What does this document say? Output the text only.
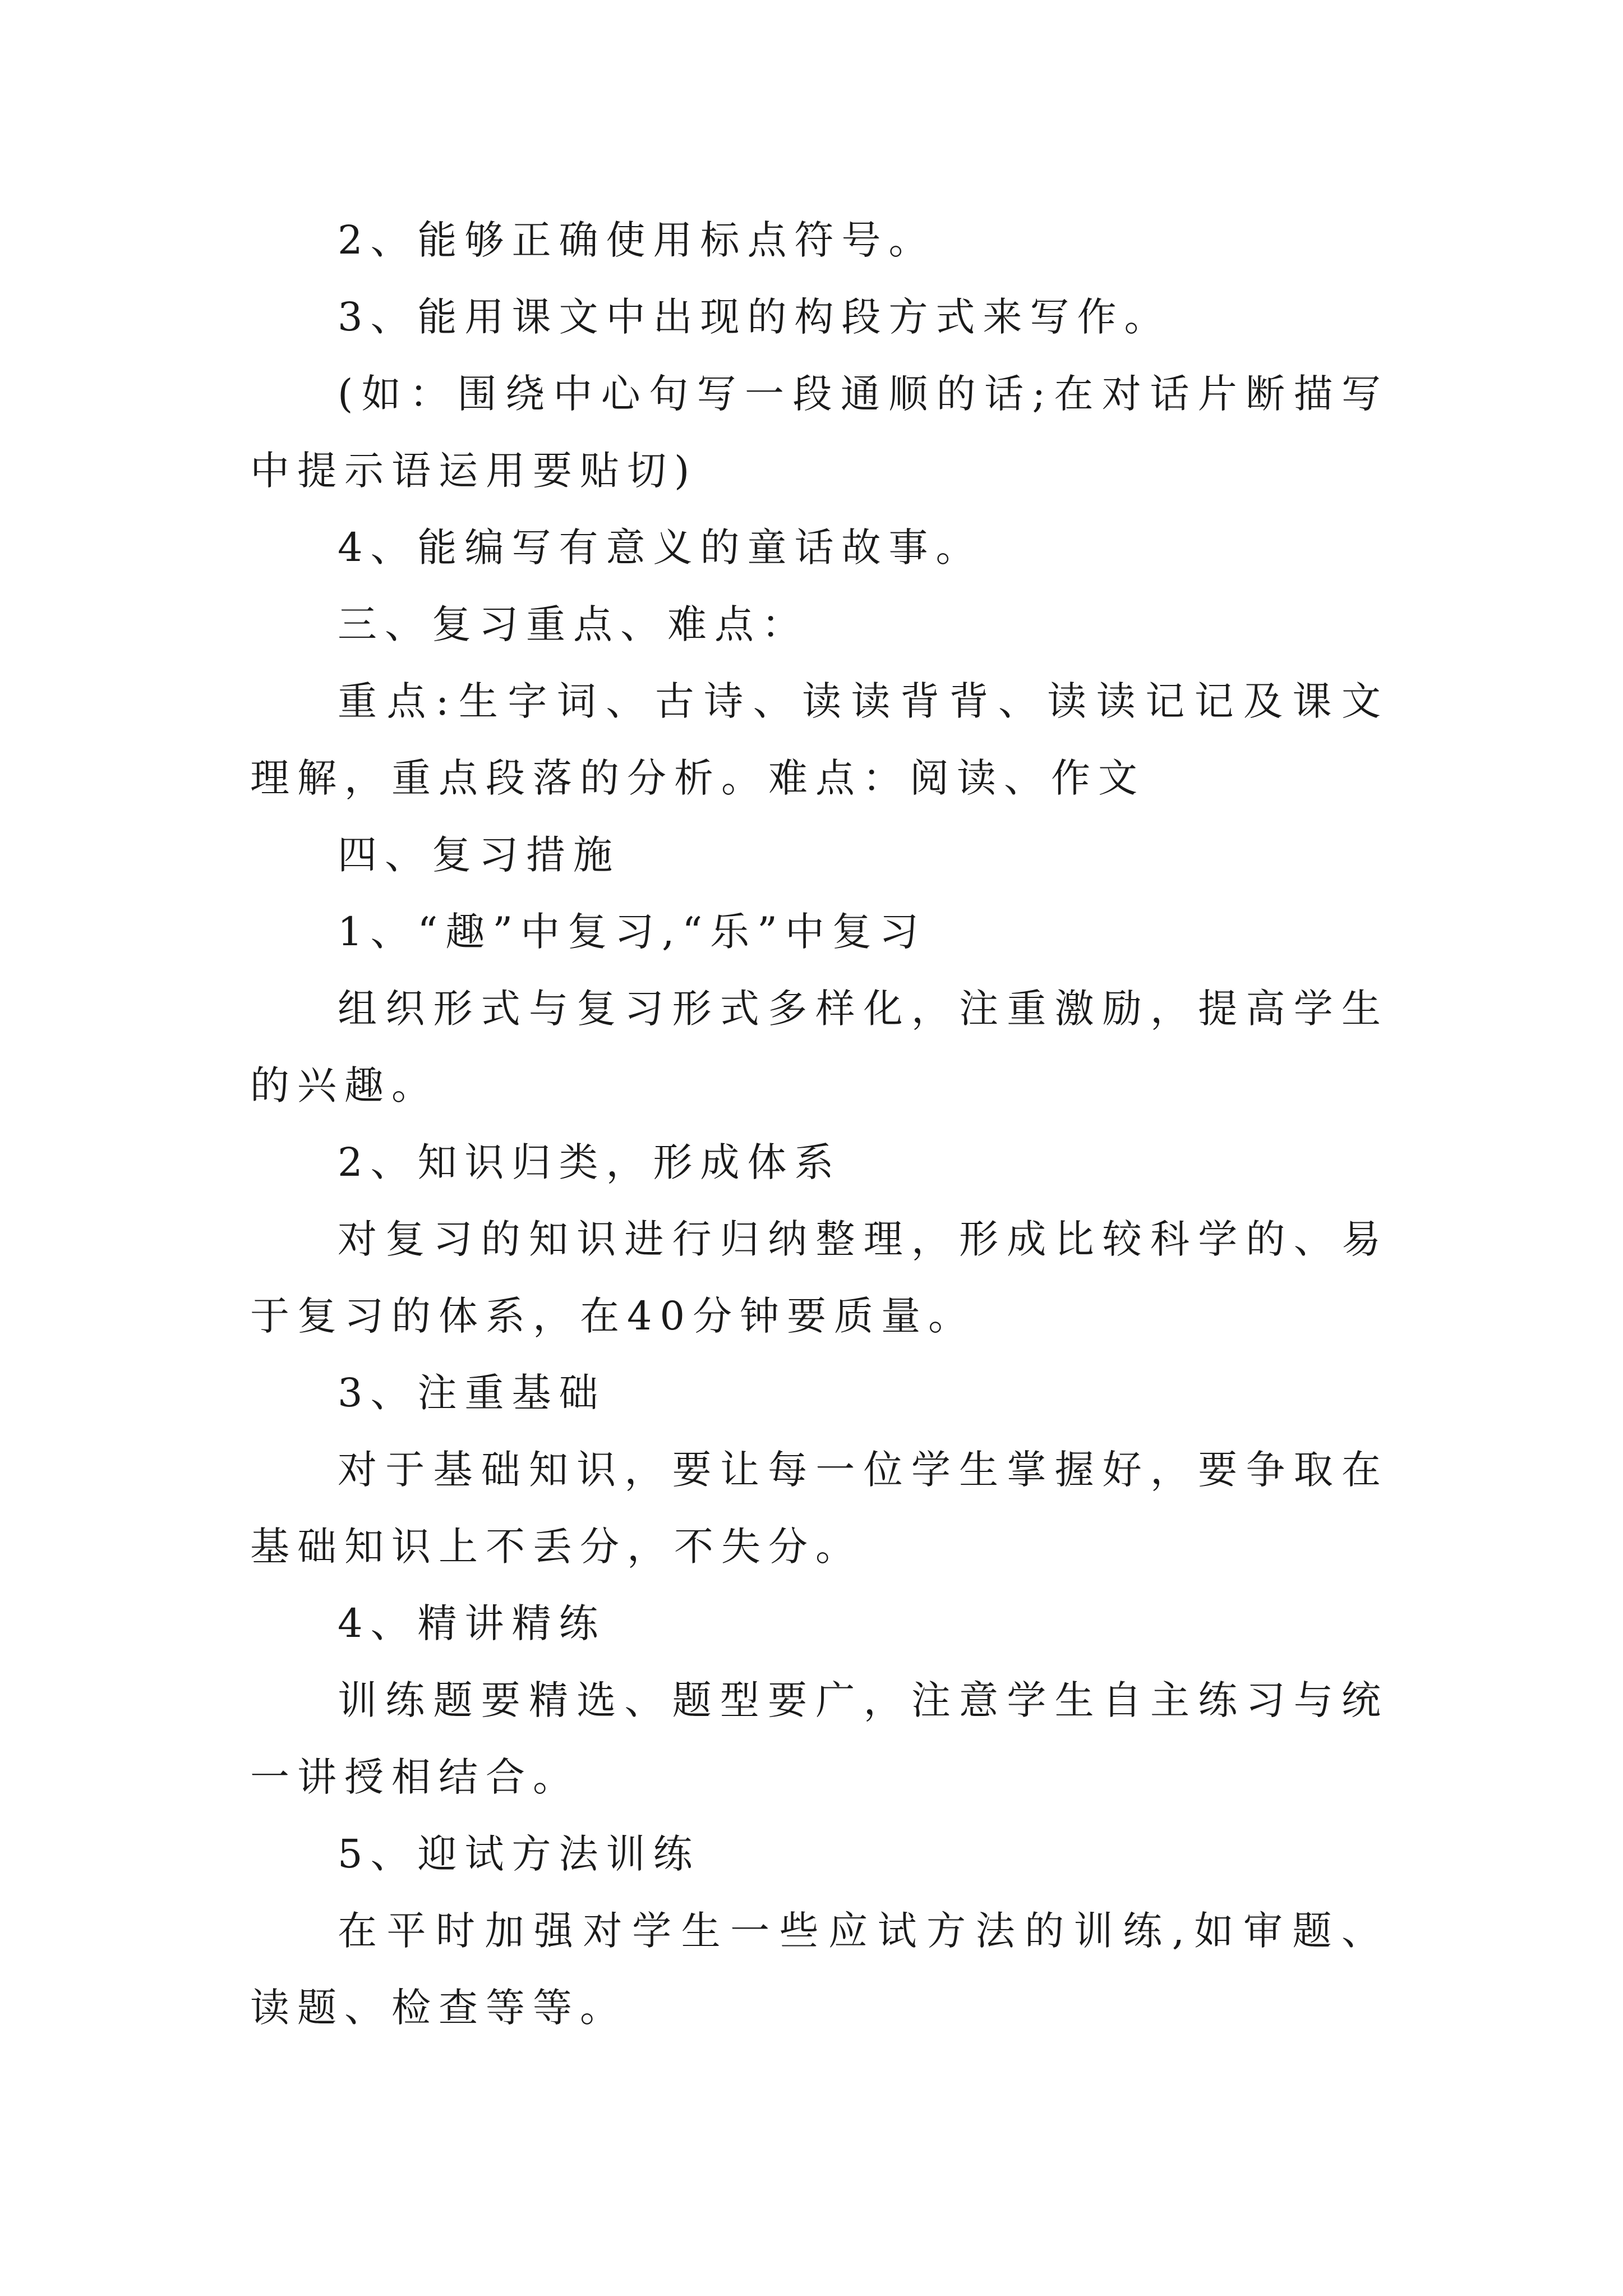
2、能够正确使用标点符号。

3、能用课文中出现的构段方式来写作。

(如：围绕中心句写一段通顺的话;在对话片断描写中提示语运用要贴切)

4、能编写有意义的童话故事。

三、复习重点、难点：

重点:生字词、古诗、读读背背、读读记记及课文理解，重点段落的分析。难点：阅读、作文

四、复习措施

1、“趣”中复习,“乐”中复习

组织形式与复习形式多样化，注重激励，提高学生的兴趣。

2、知识归类，形成体系

对复习的知识进行归纳整理，形成比较科学的、易于复习的体系，在40分钟要质量。

3、注重基础

对于基础知识，要让每一位学生掌握好，要争取在基础知识上不丢分，不失分。

4、精讲精练

训练题要精选、题型要广，注意学生自主练习与统一讲授相结合。

5、迎试方法训练

在平时加强对学生一些应试方法的训练,如审题、读题、检查等等。
